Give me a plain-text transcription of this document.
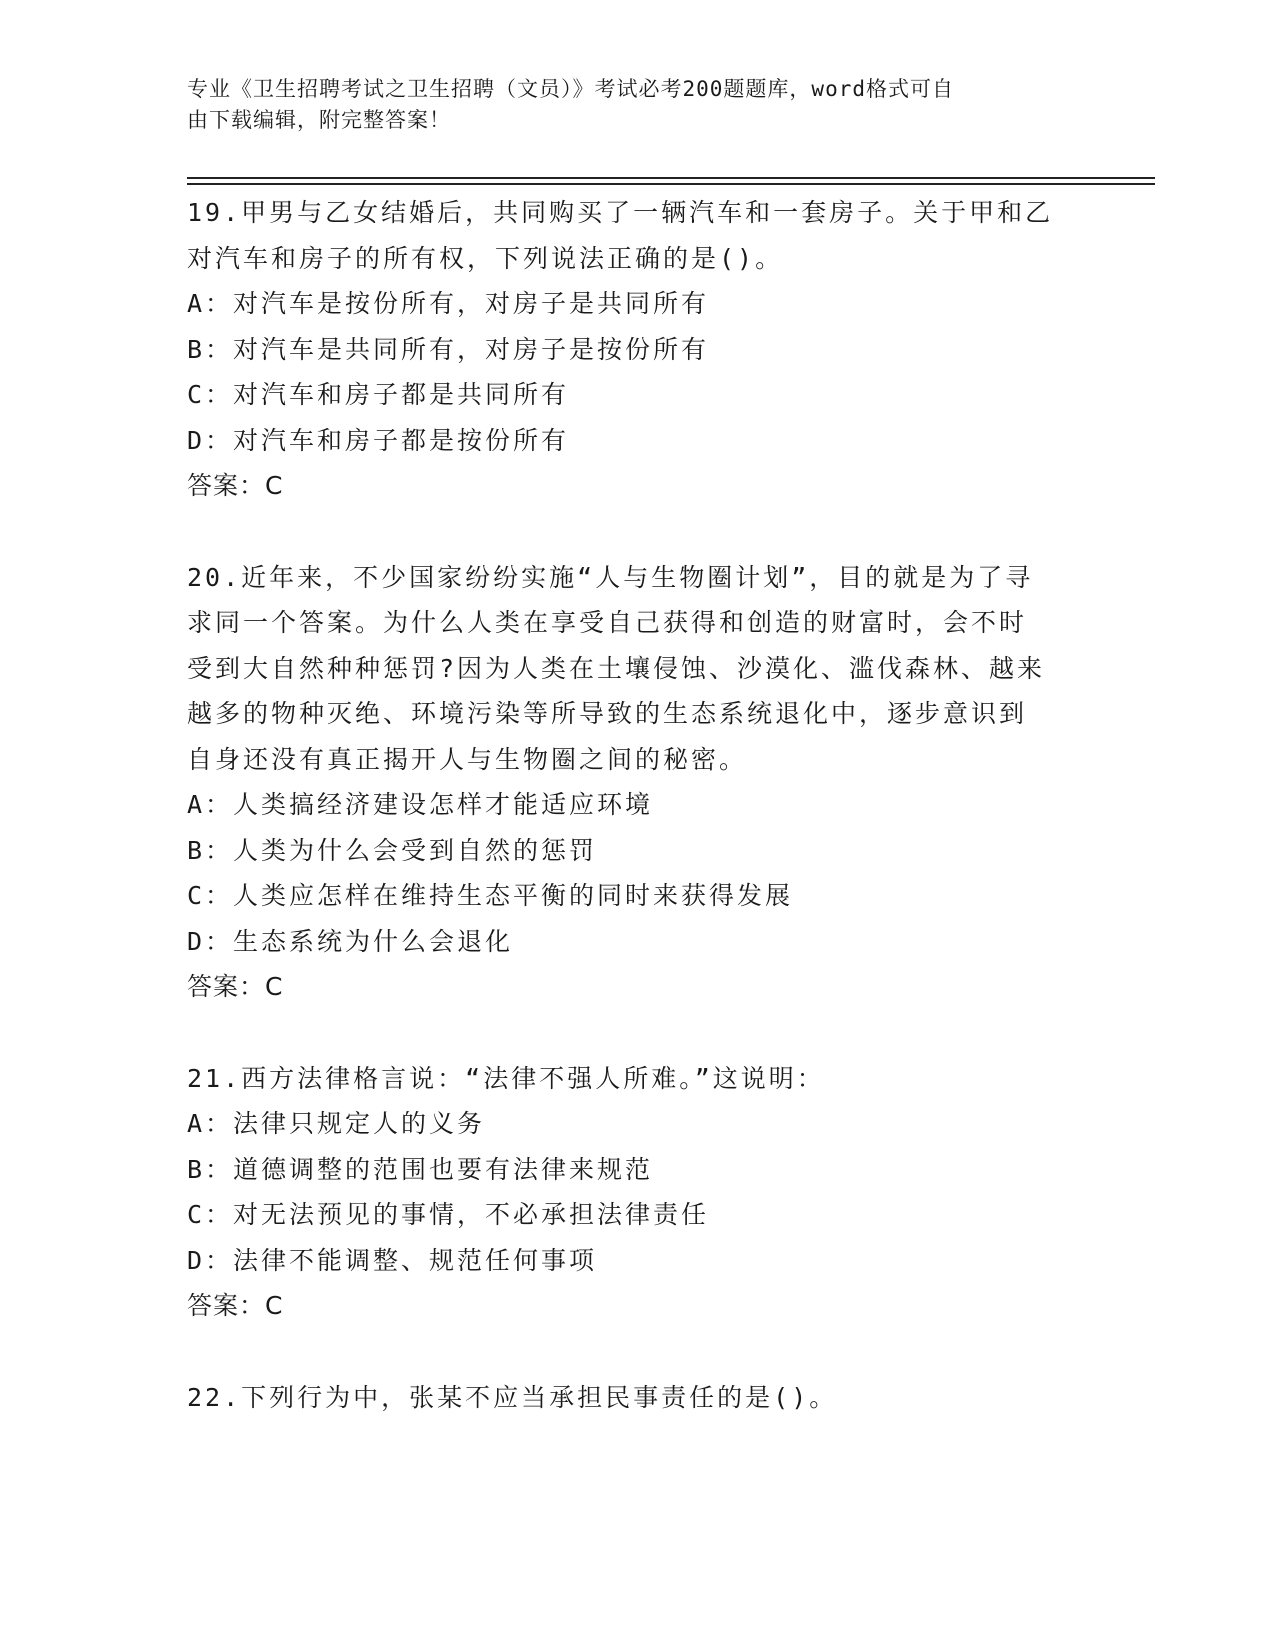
专业《卫生招聘考试之卫生招聘（文员）》考试必考200题题库，word格式可自
由下载编辑，附完整答案！

19.甲男与乙女结婚后，共同购买了一辆汽车和一套房子。关于甲和乙

对汽车和房子的所有权，下列说法正确的是()。

A：对汽车是按份所有，对房子是共同所有

B：对汽车是共同所有，对房子是按份所有

C：对汽车和房子都是共同所有

D：对汽车和房子都是按份所有

答案：C

20.近年来，不少国家纷纷实施“人与生物圈计划”，目的就是为了寻

求同一个答案。为什么人类在享受自己获得和创造的财富时，会不时

受到大自然种种惩罚?因为人类在土壤侵蚀、沙漠化、滥伐森林、越来

越多的物种灭绝、环境污染等所导致的生态系统退化中，逐步意识到

自身还没有真正揭开人与生物圈之间的秘密。

A：人类搞经济建设怎样才能适应环境

B：人类为什么会受到自然的惩罚

C：人类应怎样在维持生态平衡的同时来获得发展

D：生态系统为什么会退化

答案：C

21.西方法律格言说：“法律不强人所难。”这说明：

A：法律只规定人的义务

B：道德调整的范围也要有法律来规范

C：对无法预见的事情，不必承担法律责任

D：法律不能调整、规范任何事项

答案：C

22.下列行为中，张某不应当承担民事责任的是()。
